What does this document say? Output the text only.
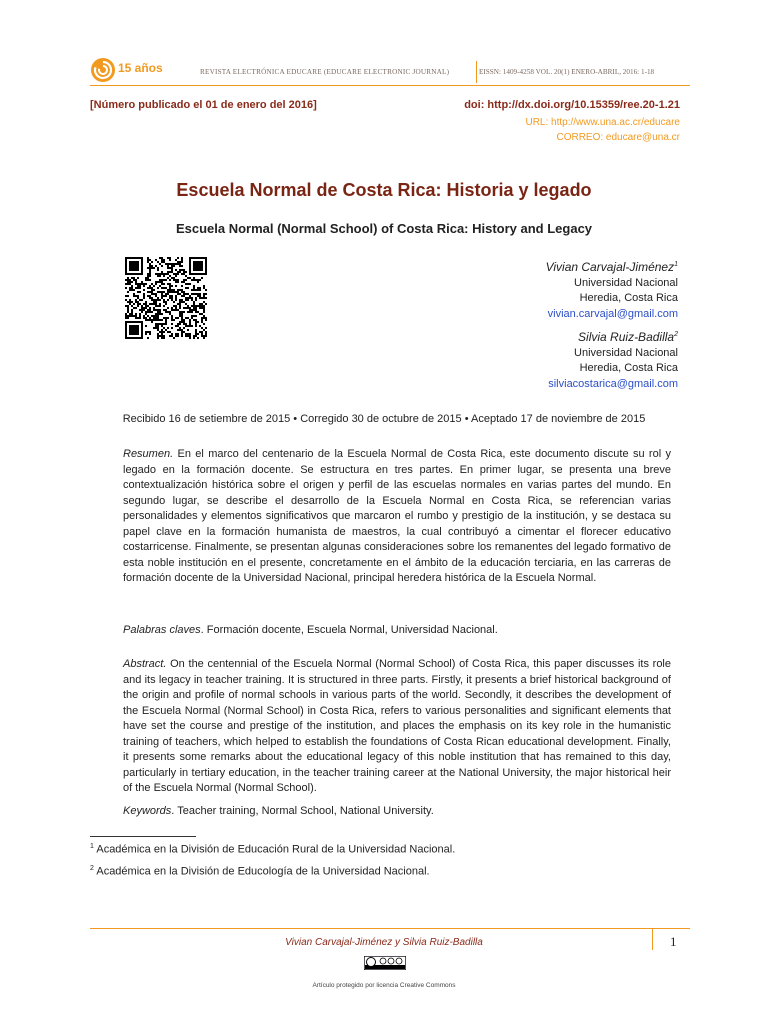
15 años	REVISTA ELECTRÓNICA EDUCARE (EDUCARE ELECTRONIC JOURNAL)	EISSN: 1409-4258 VOL. 20(1) ENERO-ABRIL, 2016: 1-18
[Número publicado el 01 de enero del 2016]	doi: http://dx.doi.org/10.15359/ree.20-1.21
URL: http://www.una.ac.cr/educare
CORREO: educare@una.cr
Escuela Normal de Costa Rica: Historia y legado
Escuela Normal (Normal School) of Costa Rica: History and Legacy
Vivian Carvajal-Jiménez$^1$
Universidad Nacional
Heredia, Costa Rica
vivian.carvajal@gmail.com
Silvia Ruiz-Badilla$^2$
Universidad Nacional
Heredia, Costa Rica
silviacostarica@gmail.com
Recibido 16 de setiembre de 2015 • Corregido 30 de octubre de 2015 • Aceptado 17 de noviembre de 2015

Resumen. En el marco del centenario de la Escuela Normal de Costa Rica, este documento discute su rol y legado en la formación docente. Se estructura en tres partes. En primer lugar, se presenta una breve contextualización histórica sobre el origen y perfil de las escuelas normales en varias partes del mundo. En segundo lugar, se describe el desarrollo de la Escuela Normal en Costa Rica, se referencian varias personalidades y elementos significativos que marcaron el rumbo y prestigio de la institución, y se destaca su papel clave en la formación humanista de maestros, la cual contribuyó a cimentar el florecer educativo costarricense. Finalmente, se presentan algunas consideraciones sobre los remanentes del legado formativo de esta noble institución en el presente, concretamente en el ámbito de la educación terciaria, en las carreras de formación docente de la Universidad Nacional, principal heredera histórica de la Escuela Normal.

Palabras claves. Formación docente, Escuela Normal, Universidad Nacional.

Abstract. On the centennial of the Escuela Normal (Normal School) of Costa Rica, this paper discusses its role and its legacy in teacher training. It is structured in three parts. Firstly, it presents a brief historical background of the origin and profile of normal schools in various parts of the world. Secondly, it describes the development of the Escuela Normal (Normal School) in Costa Rica, refers to various personalities and significant elements that have set the course and prestige of the institution, and places the emphasis on its key role in the humanistic training of teachers, which helped to establish the foundations of Costa Rican educational development. Finally, it presents some remarks about the educational legacy of this noble institution that has remained to this day, particularly in tertiary education, in the teacher training career at the National University, the major historical heir of the Escuela Normal (Normal School).

Keywords. Teacher training, Normal School, National University.

$^1$ Académica en la División de Educación Rural de la Universidad Nacional.
$^2$ Académica en la División de Educología de la Universidad Nacional.
Vivian Carvajal-Jiménez y Silvia Ruiz-Badilla	1
Artículo protegido por licencia Creative Commons
